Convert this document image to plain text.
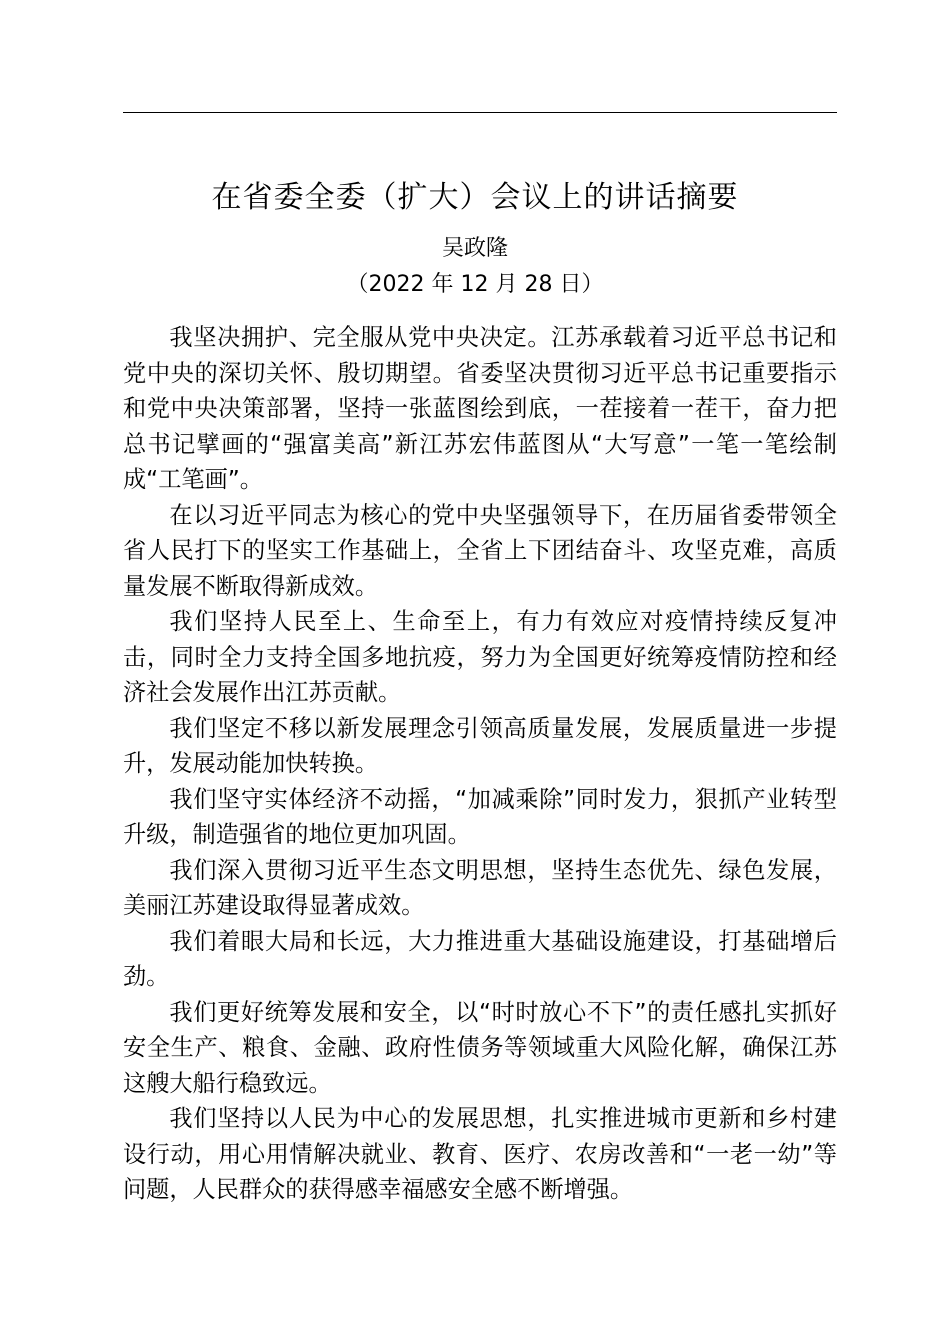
在省委全委（扩大）会议上的讲话摘要
吴政隆
（2022 年 12 月 28 日）

我坚决拥护、完全服从党中央决定。江苏承载着习近平总书记和党中央的深切关怀、殷切期望。省委坚决贯彻习近平总书记重要指示和党中央决策部署，坚持一张蓝图绘到底，一茬接着一茬干，奋力把总书记擘画的“强富美高”新江苏宏伟蓝图从“大写意”一笔一笔绘制成“工笔画”。

在以习近平同志为核心的党中央坚强领导下，在历届省委带领全省人民打下的坚实工作基础上，全省上下团结奋斗、攻坚克难，高质量发展不断取得新成效。

我们坚持人民至上、生命至上，有力有效应对疫情持续反复冲击，同时全力支持全国多地抗疫，努力为全国更好统筹疫情防控和经济社会发展作出江苏贡献。

我们坚定不移以新发展理念引领高质量发展，发展质量进一步提升，发展动能加快转换。

我们坚守实体经济不动摇，“加减乘除”同时发力，狠抓产业转型升级，制造强省的地位更加巩固。

我们深入贯彻习近平生态文明思想，坚持生态优先、绿色发展，美丽江苏建设取得显著成效。

我们着眼大局和长远，大力推进重大基础设施建设，打基础增后劲。

我们更好统筹发展和安全，以“时时放心不下”的责任感扎实抓好安全生产、粮食、金融、政府性债务等领域重大风险化解，确保江苏这艘大船行稳致远。

我们坚持以人民为中心的发展思想，扎实推进城市更新和乡村建设行动，用心用情解决就业、教育、医疗、农房改善和“一老一幼”等问题，人民群众的获得感幸福感安全感不断增强。
